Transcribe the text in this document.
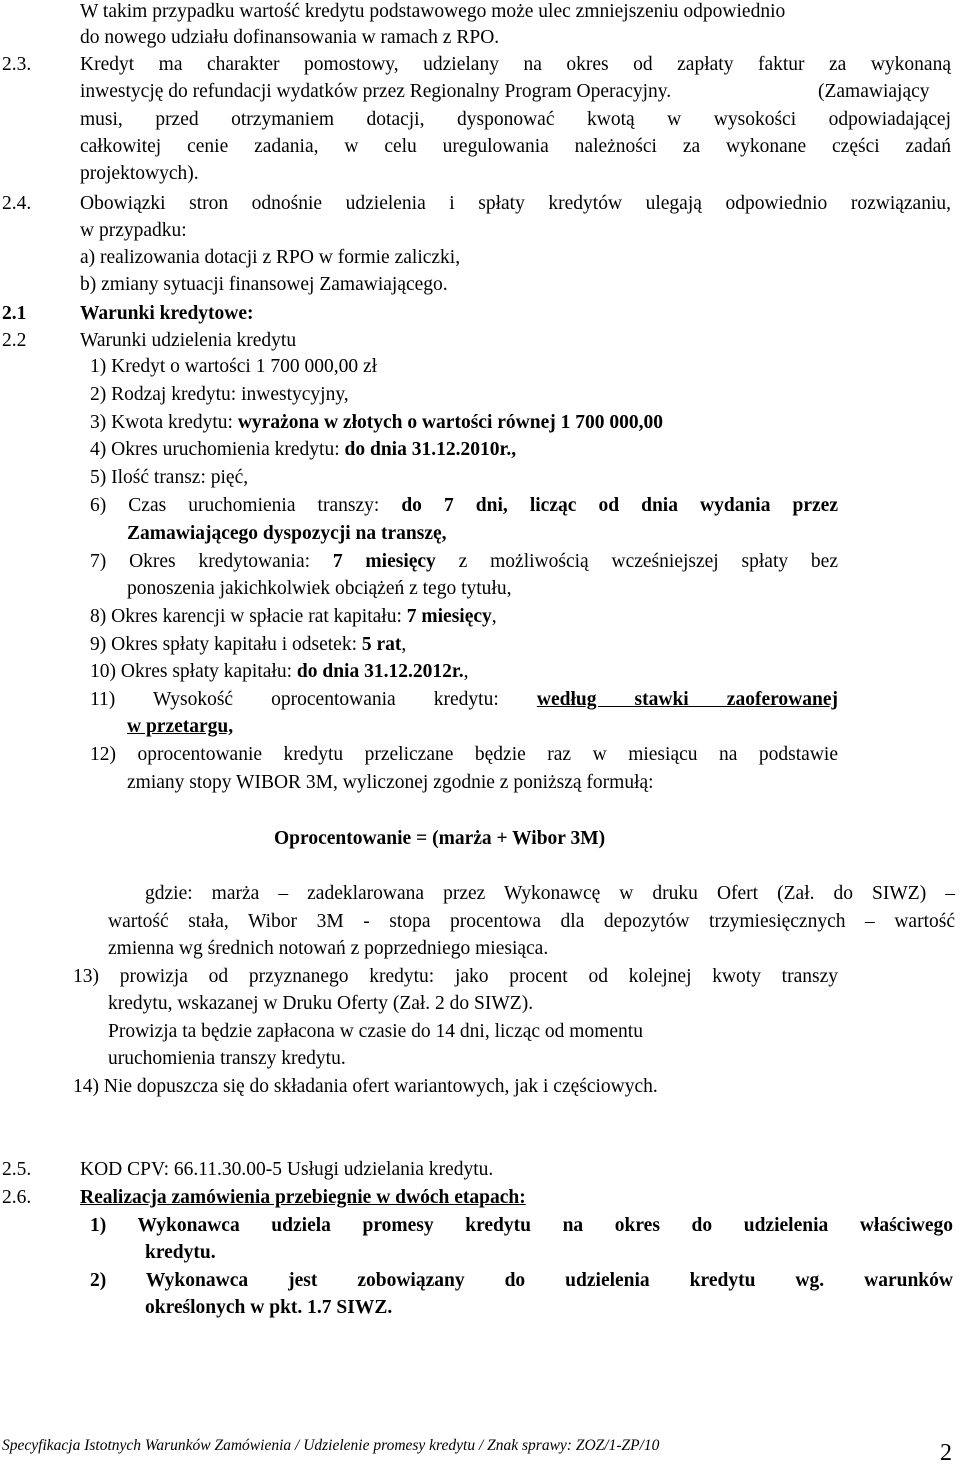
W takim przypadku wartość kredytu podstawowego może ulec zmniejszeniu odpowiednio
do nowego udziału dofinansowania w ramach z RPO.
2.3.	Kredyt ma charakter pomostowy, udzielany na okres od zapłaty faktur za wykonaną
inwestycję do refundacji wydatków przez Regionalny Program Operacyjny.	(Zamawiający
musi, przed otrzymaniem dotacji, dysponować kwotą w wysokości odpowiadającej
całkowitej cenie zadania, w celu uregulowania należności za wykonane części zadań
projektowych).
2.4.	Obowiązki stron odnośnie udzielenia i spłaty kredytów ulegają odpowiednio rozwiązaniu,
w przypadku:
a) realizowania dotacji z RPO w formie zaliczki,
b) zmiany sytuacji finansowej Zamawiającego.
2.1	Warunki kredytowe:
2.2	Warunki udzielenia kredytu
1) Kredyt o wartości 1 700 000,00 zł
2) Rodzaj kredytu: inwestycyjny,
3) Kwota kredytu: wyrażona w złotych o wartości równej 1 700 000,00
4) Okres uruchomienia kredytu: do dnia 31.12.2010r.,
5) Ilość transz: pięć,
6) Czas uruchomienia transzy: do 7 dni, licząc od dnia wydania przez
Zamawiającego dyspozycji na transzę,
7) Okres kredytowania: 7 miesięcy z możliwością wcześniejszej spłaty bez
ponoszenia jakichkolwiek obciążeń z tego tytułu,
8) Okres karencji w spłacie rat kapitału: 7 miesięcy,
9) Okres spłaty kapitału i odsetek: 5 rat,
10) Okres spłaty kapitału: do dnia 31.12.2012r.,
11) Wysokość oprocentowania kredytu: według stawki zaoferowanej
w przetargu,
12) oprocentowanie kredytu przeliczane będzie raz w miesiącu na podstawie
zmiany stopy WIBOR 3M, wyliczonej zgodnie z poniższą formułą:
Oprocentowanie = (marża + Wibor 3M)
gdzie: marża – zadeklarowana przez Wykonawcę w druku Ofert (Zał. do SIWZ) –
wartość stała, Wibor 3M - stopa procentowa dla depozytów trzymiesięcznych – wartość
zmienna wg średnich notowań z poprzedniego miesiąca.
13) prowizja od przyznanego kredytu: jako procent od kolejnej kwoty transzy
kredytu, wskazanej w Druku Oferty (Zał. 2 do SIWZ).
Prowizja ta będzie zapłacona w czasie do 14 dni, licząc od momentu
uruchomienia transzy kredytu.
14) Nie dopuszcza się do składania ofert wariantowych, jak i częściowych.
2.5.	KOD CPV: 66.11.30.00-5 Usługi udzielania kredytu.
2.6.	Realizacja zamówienia przebiegnie w dwóch etapach:
1) Wykonawca udziela promesy kredytu na okres do udzielenia właściwego
kredytu.
2) Wykonawca jest zobowiązany do udzielenia kredytu wg. warunków
określonych w pkt. 1.7 SIWZ.
Specyfikacja Istotnych Warunków Zamówienia / Udzielenie promesy kredytu / Znak sprawy: ZOZ/1-ZP/10	2
